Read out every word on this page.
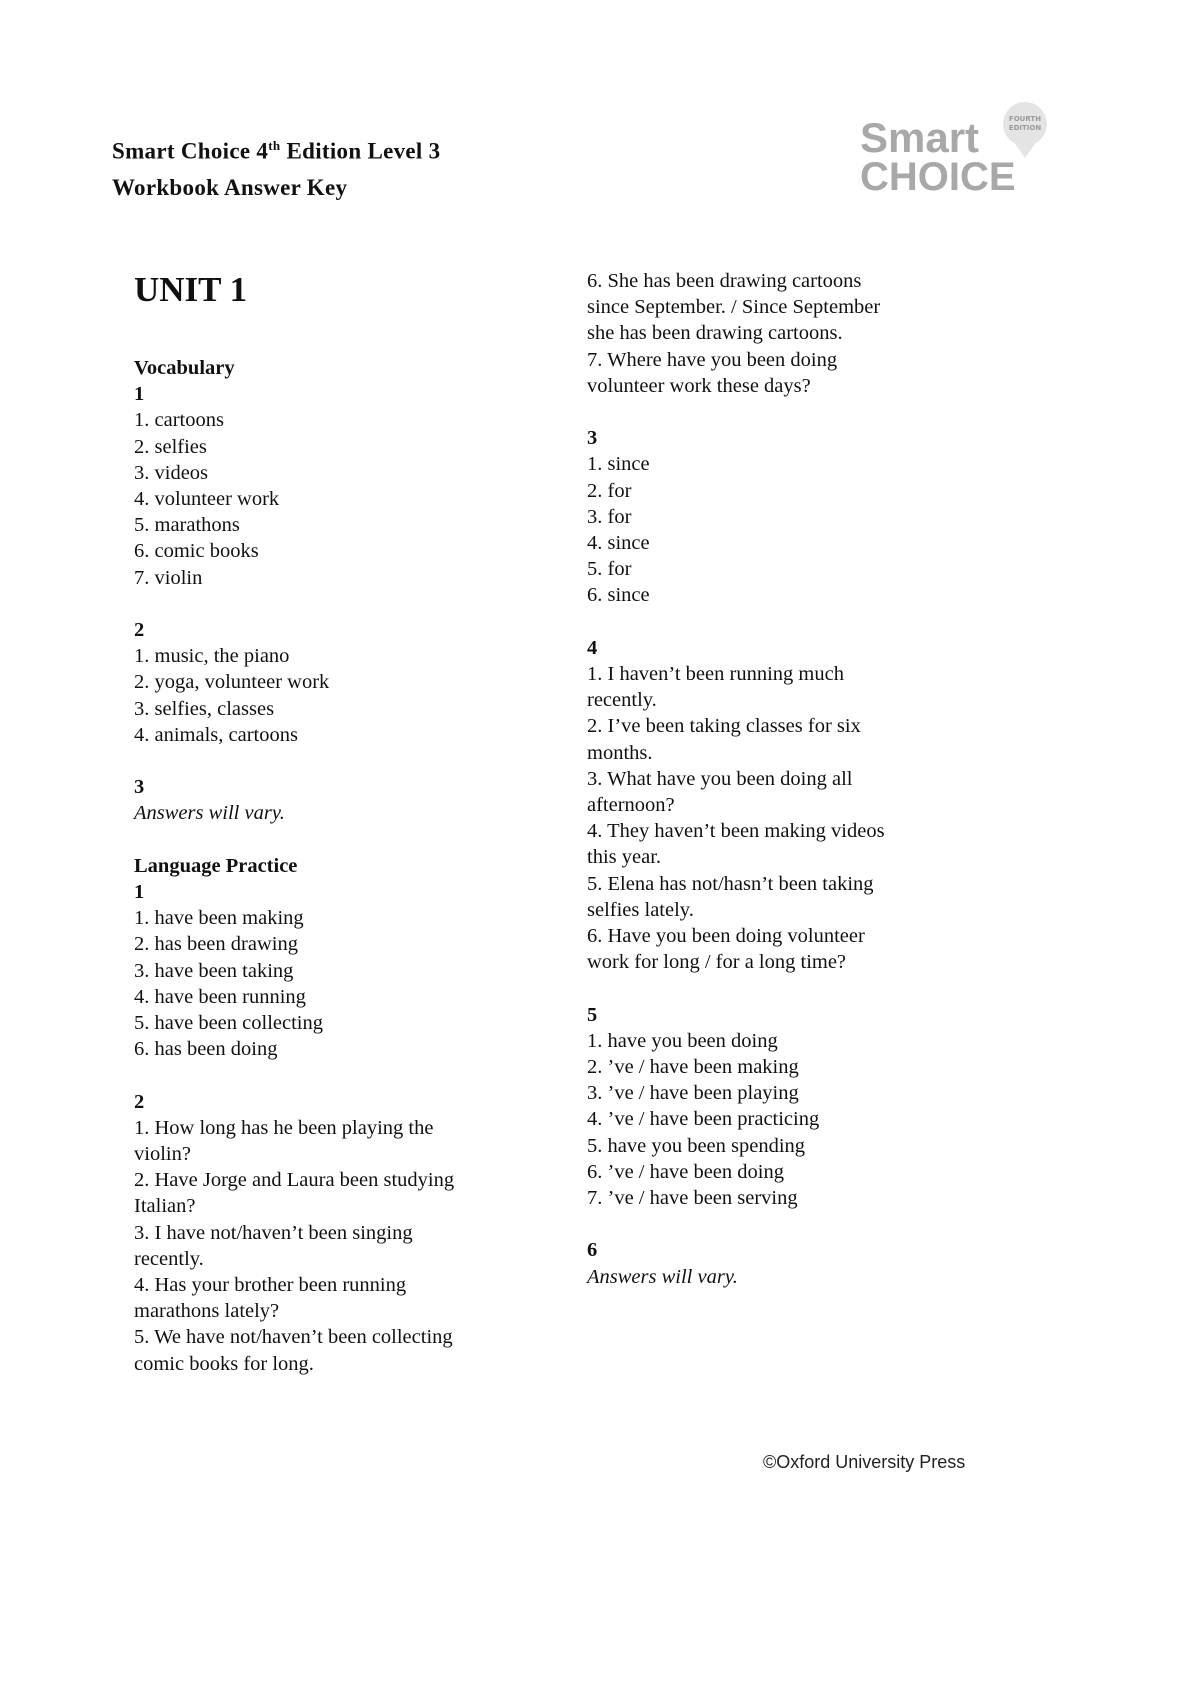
Smart Choice 4th Edition Level 3
Workbook Answer Key
FOURTH
EDITION
Smart
CHOICE
UNIT 1
Vocabulary
1
1. cartoons
2. selfies
3. videos
4. volunteer work
5. marathons
6. comic books
7. violin
2
1. music, the piano
2. yoga, volunteer work
3. selfies, classes
4. animals, cartoons
3
Answers will vary.
Language Practice
1
1. have been making
2. has been drawing
3. have been taking
4. have been running
5. have been collecting
6. has been doing
2
1. How long has he been playing the
violin?
2. Have Jorge and Laura been studying
Italian?
3. I have not/haven’t been singing
recently.
4. Has your brother been running
marathons lately?
5. We have not/haven’t been collecting
comic books for long.
6. She has been drawing cartoons
since September. / Since September
she has been drawing cartoons.
7. Where have you been doing
volunteer work these days?
3
1. since
2. for
3. for
4. since
5. for
6. since
4
1. I haven’t been running much
recently.
2. I’ve been taking classes for six
months.
3. What have you been doing all
afternoon?
4. They haven’t been making videos
this year.
5. Elena has not/hasn’t been taking
selfies lately.
6. Have you been doing volunteer
work for long / for a long time?
5
1. have you been doing
2. ’ve / have been making
3. ’ve / have been playing
4. ’ve / have been practicing
5. have you been spending
6. ’ve / have been doing
7. ’ve / have been serving
6
Answers will vary.
©Oxford University Press
